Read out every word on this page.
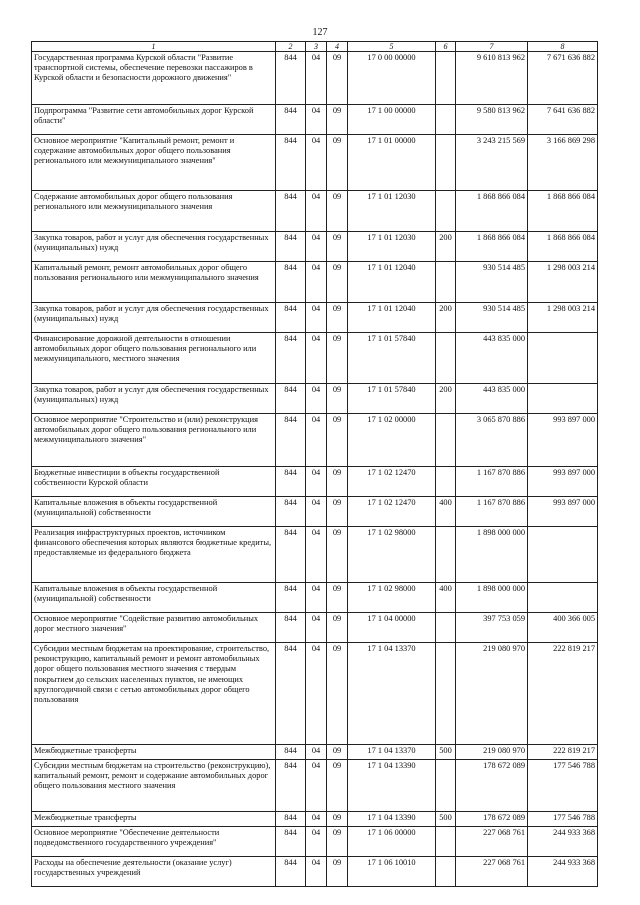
127
1	2	3	4	5	6	7	8
Государственная программа Курской области "Развитие транспортной системы, обеспечение перевозки пассажиров в Курской области и безопасности дорожного движения"	844	04	09	17 0 00 00000		9 610 813 962	7 671 636 882
Подпрограмма "Развитие сети автомобильных дорог Курской области"	844	04	09	17 1 00 00000		9 580 813 962	7 641 636 882
Основное мероприятие "Капитальный ремонт, ремонт и содержание автомобильных дорог общего пользования регионального или межмуниципального значения"	844	04	09	17 1 01 00000		3 243 215 569	3 166 869 298
Содержание автомобильных дорог общего пользования регионального или межмуниципального значения	844	04	09	17 1 01 12030		1 868 866 084	1 868 866 084
Закупка товаров, работ и услуг для обеспечения государственных (муниципальных) нужд	844	04	09	17 1 01 12030	200	1 868 866 084	1 868 866 084
Капитальный ремонт, ремонт автомобильных дорог общего пользования регионального или межмуниципального значения	844	04	09	17 1 01 12040		930 514 485	1 298 003 214
Закупка товаров, работ и услуг для обеспечения государственных (муниципальных) нужд	844	04	09	17 1 01 12040	200	930 514 485	1 298 003 214
Финансирование дорожной деятельности в отношении автомобильных дорог общего пользования регионального или межмуниципального, местного значения	844	04	09	17 1 01 57840		443 835 000	
Закупка товаров, работ и услуг для обеспечения государственных (муниципальных) нужд	844	04	09	17 1 01 57840	200	443 835 000	
Основное мероприятие "Строительство и (или) реконструкция автомобильных дорог общего пользования регионального или межмуниципального значения"	844	04	09	17 1 02 00000		3 065 870 886	993 897 000
Бюджетные инвестиции в объекты государственной собственности Курской области	844	04	09	17 1 02 12470		1 167 870 886	993 897 000
Капитальные вложения в объекты государственной (муниципальной) собственности	844	04	09	17 1 02 12470	400	1 167 870 886	993 897 000
Реализация инфраструктурных проектов, источником финансового обеспечения которых являются бюджетные кредиты, предоставляемые из федерального бюджета	844	04	09	17 1 02 98000		1 898 000 000	
Капитальные вложения в объекты государственной (муниципальной) собственности	844	04	09	17 1 02 98000	400	1 898 000 000	
Основное мероприятие "Содействие развитию автомобильных дорог местного значения"	844	04	09	17 1 04 00000		397 753 059	400 366 005
Субсидии местным бюджетам на проектирование, строительство, реконструкцию, капитальный ремонт и ремонт автомобильных дорог общего пользования местного значения с твердым покрытием до сельских населенных пунктов, не имеющих круглогодичной связи с сетью автомобильных дорог общего пользования	844	04	09	17 1 04 13370		219 080 970	222 819 217
Межбюджетные трансферты	844	04	09	17 1 04 13370	500	219 080 970	222 819 217
Субсидии местным бюджетам на строительство (реконструкцию), капитальный ремонт, ремонт и содержание автомобильных дорог общего пользования местного значения	844	04	09	17 1 04 13390		178 672 089	177 546 788
Межбюджетные трансферты	844	04	09	17 1 04 13390	500	178 672 089	177 546 788
Основное мероприятие "Обеспечение деятельности подведомственного государственного учреждения"	844	04	09	17 1 06 00000		227 068 761	244 933 368
Расходы на обеспечение деятельности (оказание услуг) государственных учреждений	844	04	09	17 1 06 10010		227 068 761	244 933 368
